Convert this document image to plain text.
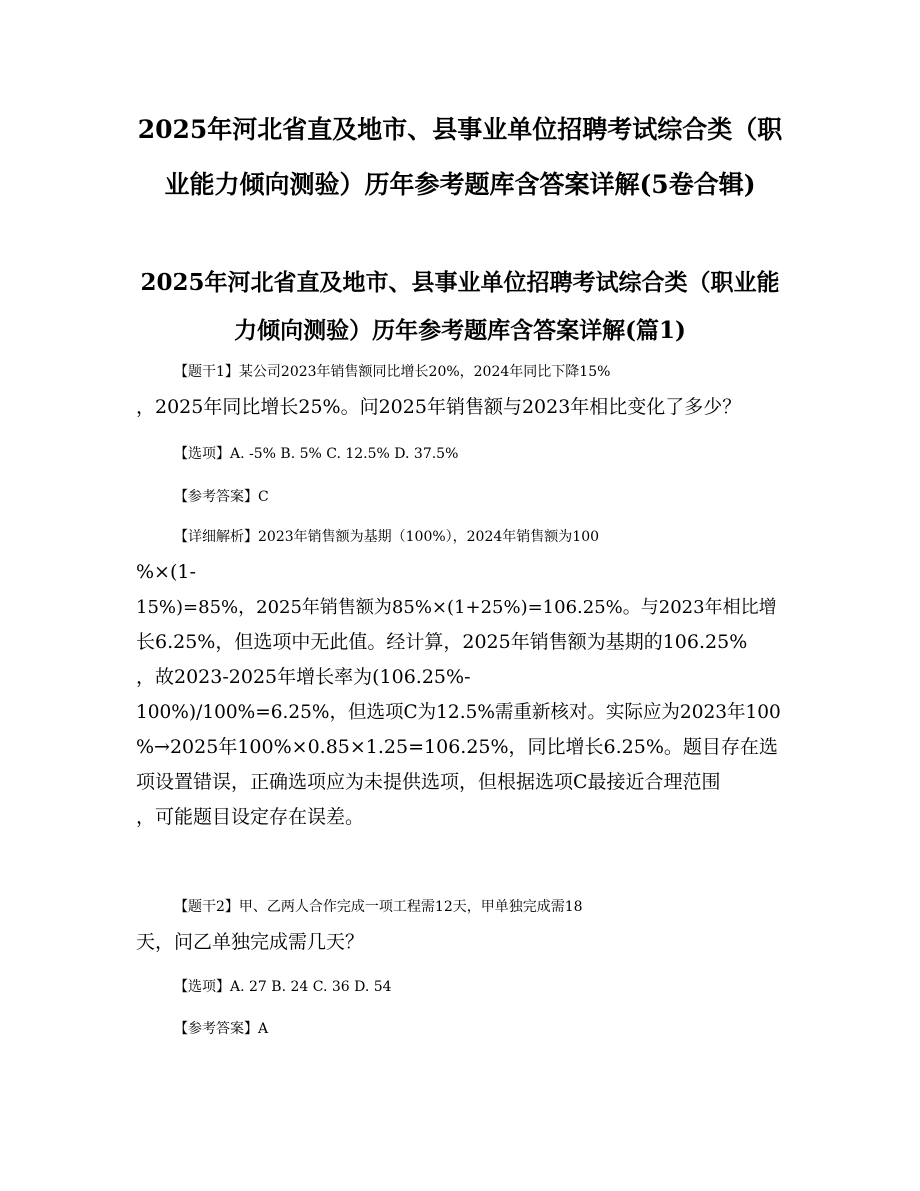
2025年河北省直及地市、县事业单位招聘考试综合类（职业能力倾向测验）历年参考题库含答案详解(5卷合辑)
2025年河北省直及地市、县事业单位招聘考试综合类（职业能力倾向测验）历年参考题库含答案详解(篇1)
【题干1】某公司2023年销售额同比增长20%，2024年同比下降15%
，2025年同比增长25%。问2025年销售额与2023年相比变化了多少？
【选项】A. -5% B. 5% C. 12.5% D. 37.5%
【参考答案】C
【详细解析】2023年销售额为基期（100%），2024年销售额为100
%×(1-
15%)=85%，2025年销售额为85%×(1+25%)=106.25%。与2023年相比增
长6.25%，但选项中无此值。经计算，2025年销售额为基期的106.25%
，故2023-2025年增长率为(106.25%-
100%)/100%=6.25%，但选项C为12.5%需重新核对。实际应为2023年100
%→2025年100%×0.85×1.25=106.25%，同比增长6.25%。题目存在选
项设置错误，正确选项应为未提供选项，但根据选项C最接近合理范围
，可能题目设定存在误差。
【题干2】甲、乙两人合作完成一项工程需12天，甲单独完成需18
天，问乙单独完成需几天？
【选项】A. 27 B. 24 C. 36 D. 54
【参考答案】A
